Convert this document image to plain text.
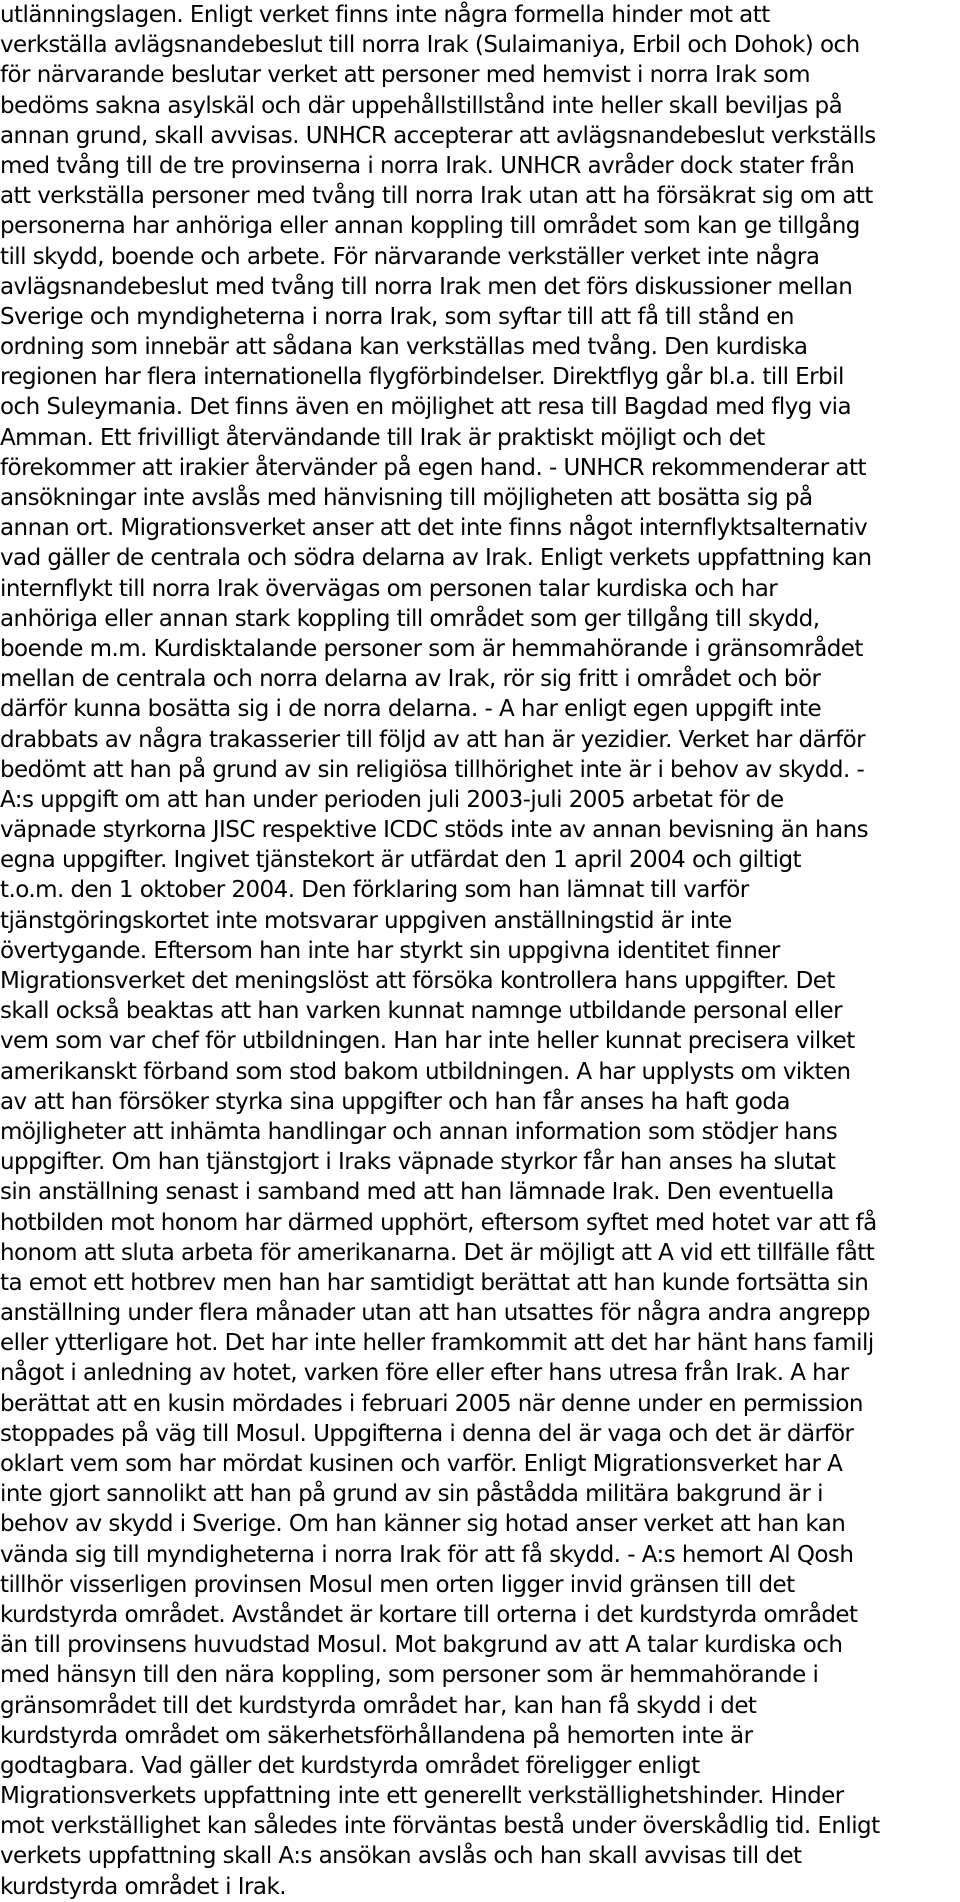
utlänningslagen. Enligt verket finns inte några formella hinder mot att
verkställa avlägsnandebeslut till norra Irak (Sulaimaniya, Erbil och Dohok) och
för närvarande beslutar verket att personer med hemvist i norra Irak som
bedöms sakna asylskäl och där uppehållstillstånd inte heller skall beviljas på
annan grund, skall avvisas. UNHCR accepterar att avlägsnandebeslut verkställs
med tvång till de tre provinserna i norra Irak. UNHCR avråder dock stater från
att verkställa personer med tvång till norra Irak utan att ha försäkrat sig om att
personerna har anhöriga eller annan koppling till området som kan ge tillgång
till skydd, boende och arbete. För närvarande verkställer verket inte några
avlägsnandebeslut med tvång till norra Irak men det förs diskussioner mellan
Sverige och myndigheterna i norra Irak, som syftar till att få till stånd en
ordning som innebär att sådana kan verkställas med tvång. Den kurdiska
regionen har flera internationella flygförbindelser. Direktflyg går bl.a. till Erbil
och Suleymania. Det finns även en möjlighet att resa till Bagdad med flyg via
Amman. Ett frivilligt återvändande till Irak är praktiskt möjligt och det
förekommer att irakier återvänder på egen hand. - UNHCR rekommenderar att
ansökningar inte avslås med hänvisning till möjligheten att bosätta sig på
annan ort. Migrationsverket anser att det inte finns något internflyktsalternativ
vad gäller de centrala och södra delarna av Irak. Enligt verkets uppfattning kan
internflykt till norra Irak övervägas om personen talar kurdiska och har
anhöriga eller annan stark koppling till området som ger tillgång till skydd,
boende m.m. Kurdisktalande personer som är hemmahörande i gränsområdet
mellan de centrala och norra delarna av Irak, rör sig fritt i området och bör
därför kunna bosätta sig i de norra delarna. - A har enligt egen uppgift inte
drabbats av några trakasserier till följd av att han är yezidier. Verket har därför
bedömt att han på grund av sin religiösa tillhörighet inte är i behov av skydd. -
A:s uppgift om att han under perioden juli 2003-juli 2005 arbetat för de
väpnade styrkorna JISC respektive ICDC stöds inte av annan bevisning än hans
egna uppgifter. Ingivet tjänstekort är utfärdat den 1 april 2004 och giltigt
t.o.m. den 1 oktober 2004. Den förklaring som han lämnat till varför
tjänstgöringskortet inte motsvarar uppgiven anställningstid är inte
övertygande. Eftersom han inte har styrkt sin uppgivna identitet finner
Migrationsverket det meningslöst att försöka kontrollera hans uppgifter. Det
skall också beaktas att han varken kunnat namnge utbildande personal eller
vem som var chef för utbildningen. Han har inte heller kunnat precisera vilket
amerikanskt förband som stod bakom utbildningen. A har upplysts om vikten
av att han försöker styrka sina uppgifter och han får anses ha haft goda
möjligheter att inhämta handlingar och annan information som stödjer hans
uppgifter. Om han tjänstgjort i Iraks väpnade styrkor får han anses ha slutat
sin anställning senast i samband med att han lämnade Irak. Den eventuella
hotbilden mot honom har därmed upphört, eftersom syftet med hotet var att få
honom att sluta arbeta för amerikanarna. Det är möjligt att A vid ett tillfälle fått
ta emot ett hotbrev men han har samtidigt berättat att han kunde fortsätta sin
anställning under flera månader utan att han utsattes för några andra angrepp
eller ytterligare hot. Det har inte heller framkommit att det har hänt hans familj
något i anledning av hotet, varken före eller efter hans utresa från Irak. A har
berättat att en kusin mördades i februari 2005 när denne under en permission
stoppades på väg till Mosul. Uppgifterna i denna del är vaga och det är därför
oklart vem som har mördat kusinen och varför. Enligt Migrationsverket har A
inte gjort sannolikt att han på grund av sin påstådda militära bakgrund är i
behov av skydd i Sverige. Om han känner sig hotad anser verket att han kan
vända sig till myndigheterna i norra Irak för att få skydd. - A:s hemort Al Qosh
tillhör visserligen provinsen Mosul men orten ligger invid gränsen till det
kurdstyrda området. Avståndet är kortare till orterna i det kurdstyrda området
än till provinsens huvudstad Mosul. Mot bakgrund av att A talar kurdiska och
med hänsyn till den nära koppling, som personer som är hemmahörande i
gränsområdet till det kurdstyrda området har, kan han få skydd i det
kurdstyrda området om säkerhetsförhållandena på hemorten inte är
godtagbara. Vad gäller det kurdstyrda området föreligger enligt
Migrationsverkets uppfattning inte ett generellt verkställighetshinder. Hinder
mot verkställighet kan således inte förväntas bestå under överskådlig tid. Enligt
verkets uppfattning skall A:s ansökan avslås och han skall avvisas till det
kurdstyrda området i Irak.
